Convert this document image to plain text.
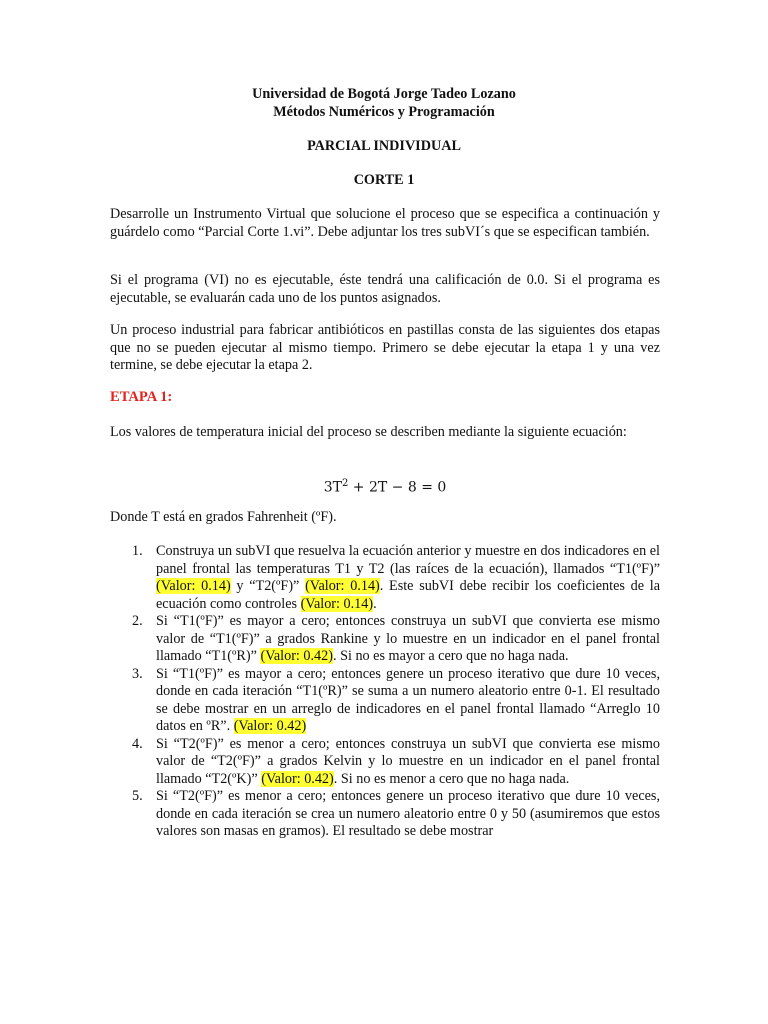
Universidad de Bogotá Jorge Tadeo Lozano
Métodos Numéricos y Programación
PARCIAL INDIVIDUAL
CORTE 1

Desarrolle un Instrumento Virtual que solucione el proceso que se especifica a continuación y guárdelo como “Parcial Corte 1.vi”. Debe adjuntar los tres subVI´s que se especifican también.

Si el programa (VI) no es ejecutable, éste tendrá una calificación de 0.0. Si el programa es ejecutable, se evaluarán cada uno de los puntos asignados.

Un proceso industrial para fabricar antibióticos en pastillas consta de las siguientes dos etapas que no se pueden ejecutar al mismo tiempo. Primero se debe ejecutar la etapa 1 y una vez termine, se debe ejecutar la etapa 2.

ETAPA 1:

Los valores de temperatura inicial del proceso se describen mediante la siguiente ecuación:

$3T^2 + 2T - 8 = 0$

Donde T está en grados Fahrenheit (ºF).

1. Construya un subVI que resuelva la ecuación anterior y muestre en dos indicadores en el panel frontal las temperaturas T1 y T2 (las raíces de la ecuación), llamados “T1(ºF)” (Valor: 0.14) y “T2(ºF)” (Valor: 0.14). Este subVI debe recibir los coeficientes de la ecuación como controles (Valor: 0.14).
2. Si “T1(ºF)” es mayor a cero; entonces construya un subVI que convierta ese mismo valor de “T1(ºF)” a grados Rankine y lo muestre en un indicador en el panel frontal llamado “T1(ºR)” (Valor: 0.42). Si no es mayor a cero que no haga nada.
3. Si “T1(ºF)” es mayor a cero; entonces genere un proceso iterativo que dure 10 veces, donde en cada iteración “T1(ºR)” se suma a un numero aleatorio entre 0-1. El resultado se debe mostrar en un arreglo de indicadores en el panel frontal llamado “Arreglo 10 datos en ºR”. (Valor: 0.42)
4. Si “T2(ºF)” es menor a cero; entonces construya un subVI que convierta ese mismo valor de “T2(ºF)” a grados Kelvin y lo muestre en un indicador en el panel frontal llamado “T2(ºK)” (Valor: 0.42). Si no es menor a cero que no haga nada.
5. Si “T2(ºF)” es menor a cero; entonces genere un proceso iterativo que dure 10 veces, donde en cada iteración se crea un numero aleatorio entre 0 y 50 (asumiremos que estos valores son masas en gramos). El resultado se debe mostrar
